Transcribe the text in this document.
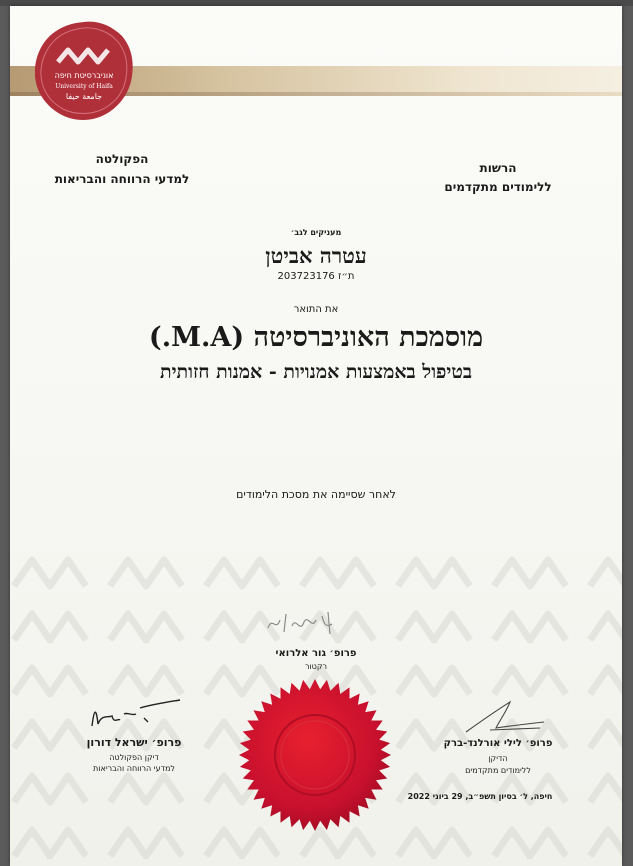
אוניברסיטת חיפה
University of Haifa
جامعة حيفا
הפקולטה
למדעי הרווחה והבריאות
הרשות
ללימודים מתקדמים
מעניקים לגב׳
עטרה אביטן
ת״ז 203723176
את התואר
מוסמכת האוניברסיטה (M.A.)
בטיפול באמצעות אמנויות - אמנות חזותית
לאחר שסיימה את מסכת הלימודים
פרופ׳ גור אלרואי
רקטור
פרופ׳ ישראל דורון
דיקן הפקולטה
למדעי הרווחה והבריאות
פרופ׳ לילי אורלנד-ברק
הדיקן
ללימודים מתקדמים
חיפה, ל׳ בסיון תשפ״ב, 29 ביוני 2022
